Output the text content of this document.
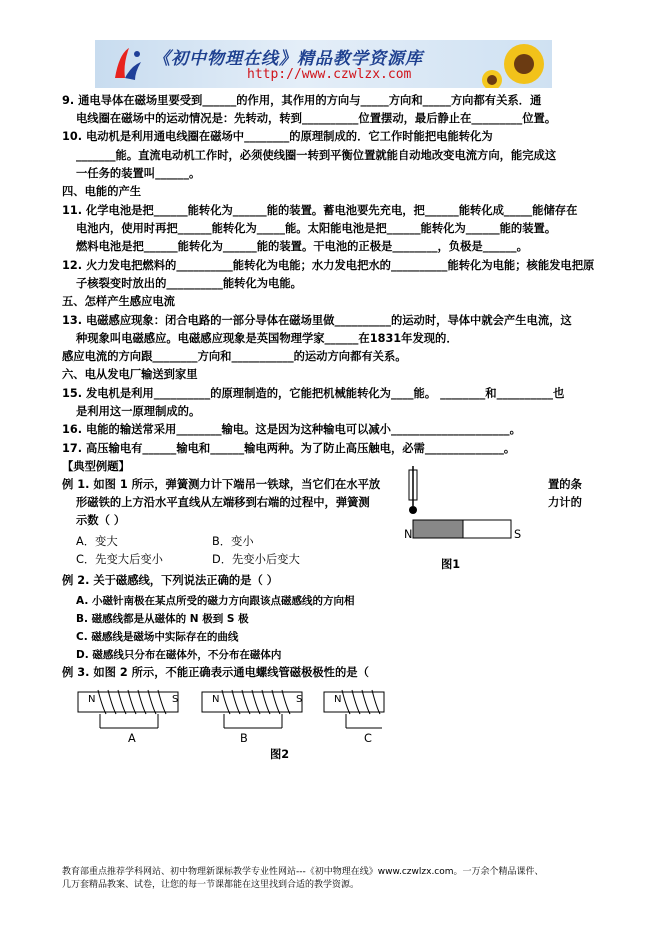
《初中物理在线》精品教学资源库
http://www.czwlzx.com
9. 通电导体在磁场里要受到______的作用，其作用的方向与_____方向和_____方向都有关系．通
电线圈在磁场中的运动情况是：先转动，转到__________位置摆动，最后静止在_________位置。
10. 电动机是利用通电线圈在磁场中________的原理制成的．它工作时能把电能转化为
_______能。直流电动机工作时，必须使线圈一转到平衡位置就能自动地改变电流方向，能完成这
一任务的装置叫______。
四、电能的产生
11. 化学电池是把______能转化为______能的装置。蓄电池要先充电，把______能转化成_____能储存在
电池内，使用时再把______能转化为_____能。太阳能电池是把______能转化为______能的装置。
燃料电池是把______能转化为______能的装置。干电池的正极是________，负极是______。
12. 火力发电把燃料的__________能转化为电能；水力发电把水的__________能转化为电能；核能发电把原
子核裂变时放出的__________能转化为电能。
五、怎样产生感应电流
13. 电磁感应现象：闭合电路的一部分导体在磁场里做__________的运动时，导体中就会产生电流，这
种现象叫电磁感应。电磁感应现象是英国物理学家______在1831年发现的．
感应电流的方向跟________方向和___________的运动方向都有关系。
六、电从发电厂输送到家里
15. 发电机是利用__________的原理制造的，它能把机械能转化为____能。 ________和__________也
是利用这一原理制成的。
16. 电能的输送常采用________输电。这是因为这种输电可以减小_____________________。
17. 高压输电有______输电和______输电两种。为了防止高压触电，必需______________。
【典型例题】
例 1. 如图 1 所示，弹簧测力计下端吊一铁球，当它们在水平放	置的条
形磁铁的上方沿水平直线从左端移到右端的过程中，弹簧测	力计的
示数（ ）
A．变大	B．变小
C．先变大后变小	D．先变小后变大
N	S
图1
例 2. 关于磁感线，下列说法正确的是（ ）
A. 小磁针南极在某点所受的磁力方向跟该点磁感线的方向相
B. 磁感线都是从磁体的 N 极到 S 极
C. 磁感线是磁场中实际存在的曲线
D. 磁感线只分布在磁体外，不分布在磁体内
例 3. 如图 2 所示，不能正确表示通电螺线管磁极极性的是（
N	S	N	S	N
A	B	C
图2
教育部重点推荐学科网站、初中物理新课标教学专业性网站---《初中物理在线》www.czwlzx.com。一万余个精品课件、
几万套精品教案、试卷，让您的每一节课都能在这里找到合适的教学资源。
